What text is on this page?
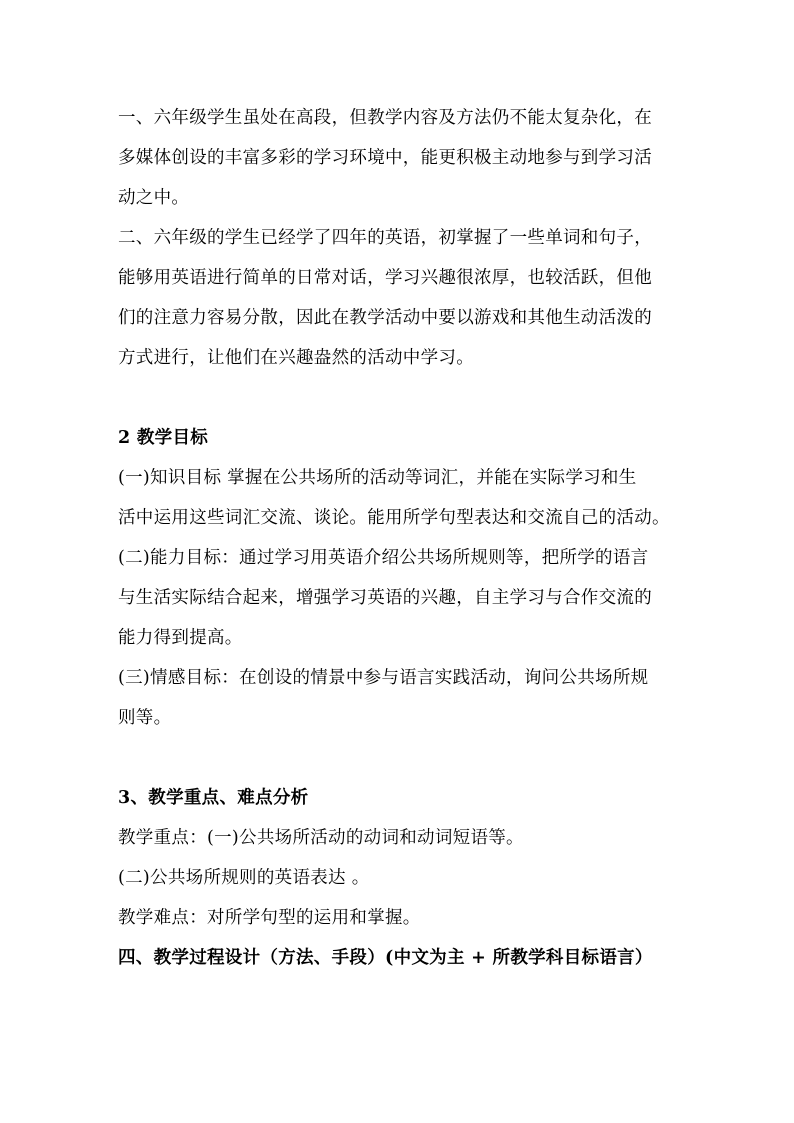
一、六年级学生虽处在高段，但教学内容及方法仍不能太复杂化，在
多媒体创设的丰富多彩的学习环境中，能更积极主动地参与到学习活
动之中。
二、六年级的学生已经学了四年的英语，初掌握了一些单词和句子，
能够用英语进行简单的日常对话，学习兴趣很浓厚，也较活跃，但他
们的注意力容易分散，因此在教学活动中要以游戏和其他生动活泼的
方式进行，让他们在兴趣盎然的活动中学习。
2 教学目标
(一)知识目标 掌握在公共场所的活动等词汇，并能在实际学习和生
活中运用这些词汇交流、谈论。能用所学句型表达和交流自己的活动。
(二)能力目标：通过学习用英语介绍公共场所规则等，把所学的语言
与生活实际结合起来，增强学习英语的兴趣，自主学习与合作交流的
能力得到提高。
(三)情感目标：在创设的情景中参与语言实践活动，询问公共场所规
则等。
3、教学重点、难点分析
教学重点：(一)公共场所活动的动词和动词短语等。
(二)公共场所规则的英语表达 。
教学难点：对所学句型的运用和掌握。
四、教学过程设计（方法、手段）(中文为主 + 所教学科目标语言）
